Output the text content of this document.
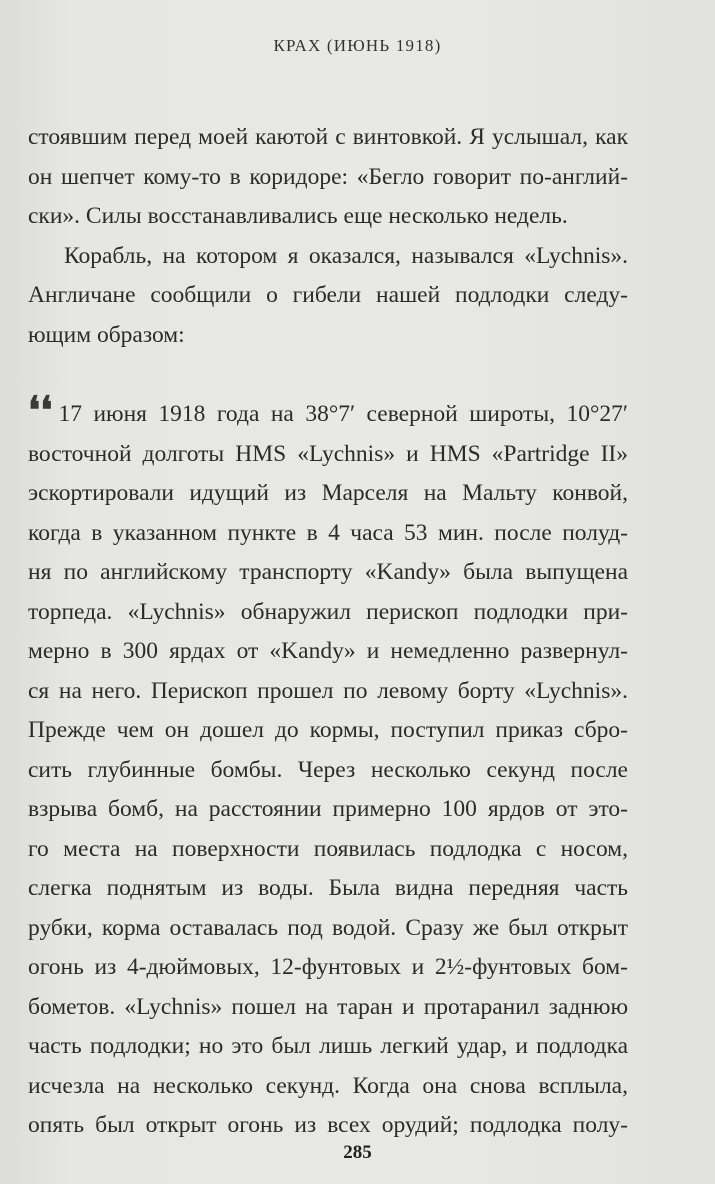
КРАХ (ИЮНЬ 1918)
стоявшим перед моей каютой с винтовкой. Я услышал, как
он шепчет кому-то в коридоре: «Бегло говорит по-англий-
ски». Силы восстанавливались еще несколько недель.
Корабль, на котором я оказался, назывался «Lychnis».
Англичане сообщили о гибели нашей подлодки следу-
ющим образом:
❛❛ 17 июня 1918 года на 38°7′ северной широты, 10°27′
восточной долготы HMS «Lychnis» и HMS «Partridge II»
эскортировали идущий из Марселя на Мальту конвой,
когда в указанном пункте в 4 часа 53 мин. после полуд-
ня по английскому транспорту «Kandy» была выпущена
торпеда. «Lychnis» обнаружил перископ подлодки при-
мерно в 300 ярдах от «Kandy» и немедленно развернул-
ся на него. Перископ прошел по левому борту «Lychnis».
Прежде чем он дошел до кормы, поступил приказ сбро-
сить глубинные бомбы. Через несколько секунд после
взрыва бомб, на расстоянии примерно 100 ярдов от это-
го места на поверхности появилась подлодка с носом,
слегка поднятым из воды. Была видна передняя часть
рубки, корма оставалась под водой. Сразу же был открыт
огонь из 4-дюймовых, 12-фунтовых и 2½-фунтовых бом-
бометов. «Lychnis» пошел на таран и протаранил заднюю
часть подлодки; но это был лишь легкий удар, и подлодка
исчезла на несколько секунд. Когда она снова всплыла,
опять был открыт огонь из всех орудий; подлодка полу-
285
